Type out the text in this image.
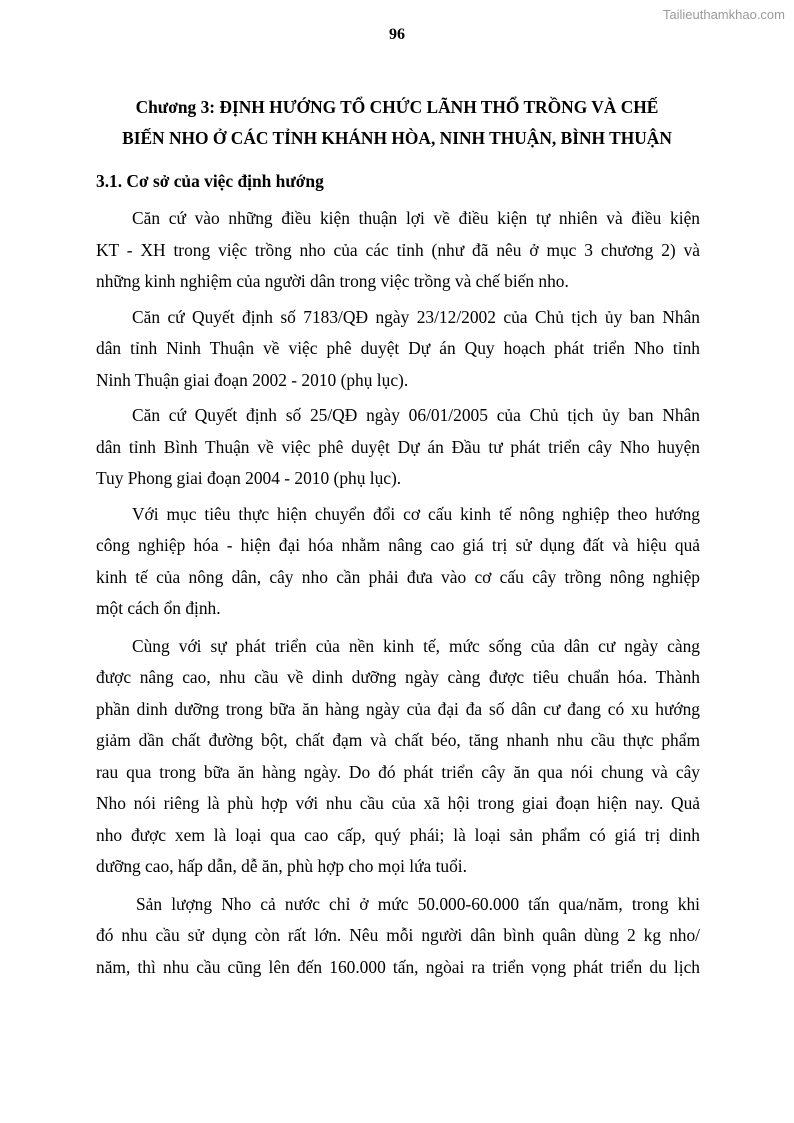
Tailieuthamkhao.com
96
Chương 3: ĐỊNH HƯỚNG TỔ CHỨC LÃNH THỔ TRỒNG VÀ CHẾ
BIẾN NHO Ở CÁC TỈNH KHÁNH HÒA, NINH THUẬN, BÌNH THUẬN
3.1. Cơ sở của việc định hướng
Căn cứ vào những điều kiện thuận lợi về điều kiện tự nhiên và điều kiện
KT - XH trong việc trồng nho của các tỉnh (như đã nêu ở mục 3 chương 2) và
những kinh nghiệm của người dân trong việc trồng và chế biến nho.
Căn cứ Quyết định số 7183/QĐ ngày 23/12/2002 của Chủ tịch ủy ban Nhân
dân tỉnh Ninh Thuận về việc phê duyệt Dự án Quy hoạch phát triển Nho tỉnh
Ninh Thuận giai đoạn 2002 - 2010 (phụ lục).
Căn cứ Quyết định số 25/QĐ ngày 06/01/2005 của Chủ tịch ủy ban Nhân
dân tỉnh Bình Thuận về việc phê duyệt Dự án Đầu tư phát triển cây Nho huyện
Tuy Phong giai đoạn 2004 - 2010 (phụ lục).
Với mục tiêu thực hiện chuyển đổi cơ cấu kinh tế nông nghiệp theo hướng
công nghiệp hóa - hiện đại hóa nhằm nâng cao giá trị sử dụng đất và hiệu quả
kinh tế của nông dân, cây nho cần phải đưa vào cơ cấu cây trồng nông nghiệp
một cách ổn định.
Cùng với sự phát triển của nền kinh tế, mức sống của dân cư ngày càng
được nâng cao, nhu cầu về dinh dưỡng ngày càng được tiêu chuẩn hóa. Thành
phần dinh dưỡng trong bữa ăn hàng ngày của đại đa số dân cư đang có xu hướng
giảm dần chất đường bột, chất đạm và chất béo, tăng nhanh nhu cầu thực phẩm
rau qua trong bữa ăn hàng ngày. Do đó phát triển cây ăn qua nói chung và cây
Nho nói riêng là phù hợp với nhu cầu của xã hội trong giai đoạn hiện nay. Quả
nho được xem là loại qua cao cấp, quý phái; là loại sản phẩm có giá trị dinh
dưỡng cao, hấp dẫn, dễ ăn, phù hợp cho mọi lứa tuổi.
Sản lượng Nho cả nước chỉ ở mức 50.000-60.000 tấn qua/năm, trong khi
đó nhu cầu sử dụng còn rất lớn. Nêu mỗi người dân bình quân dùng 2 kg nho/
năm, thì nhu cầu cũng lên đến 160.000 tấn, ngòai ra triển vọng phát triển du lịch
